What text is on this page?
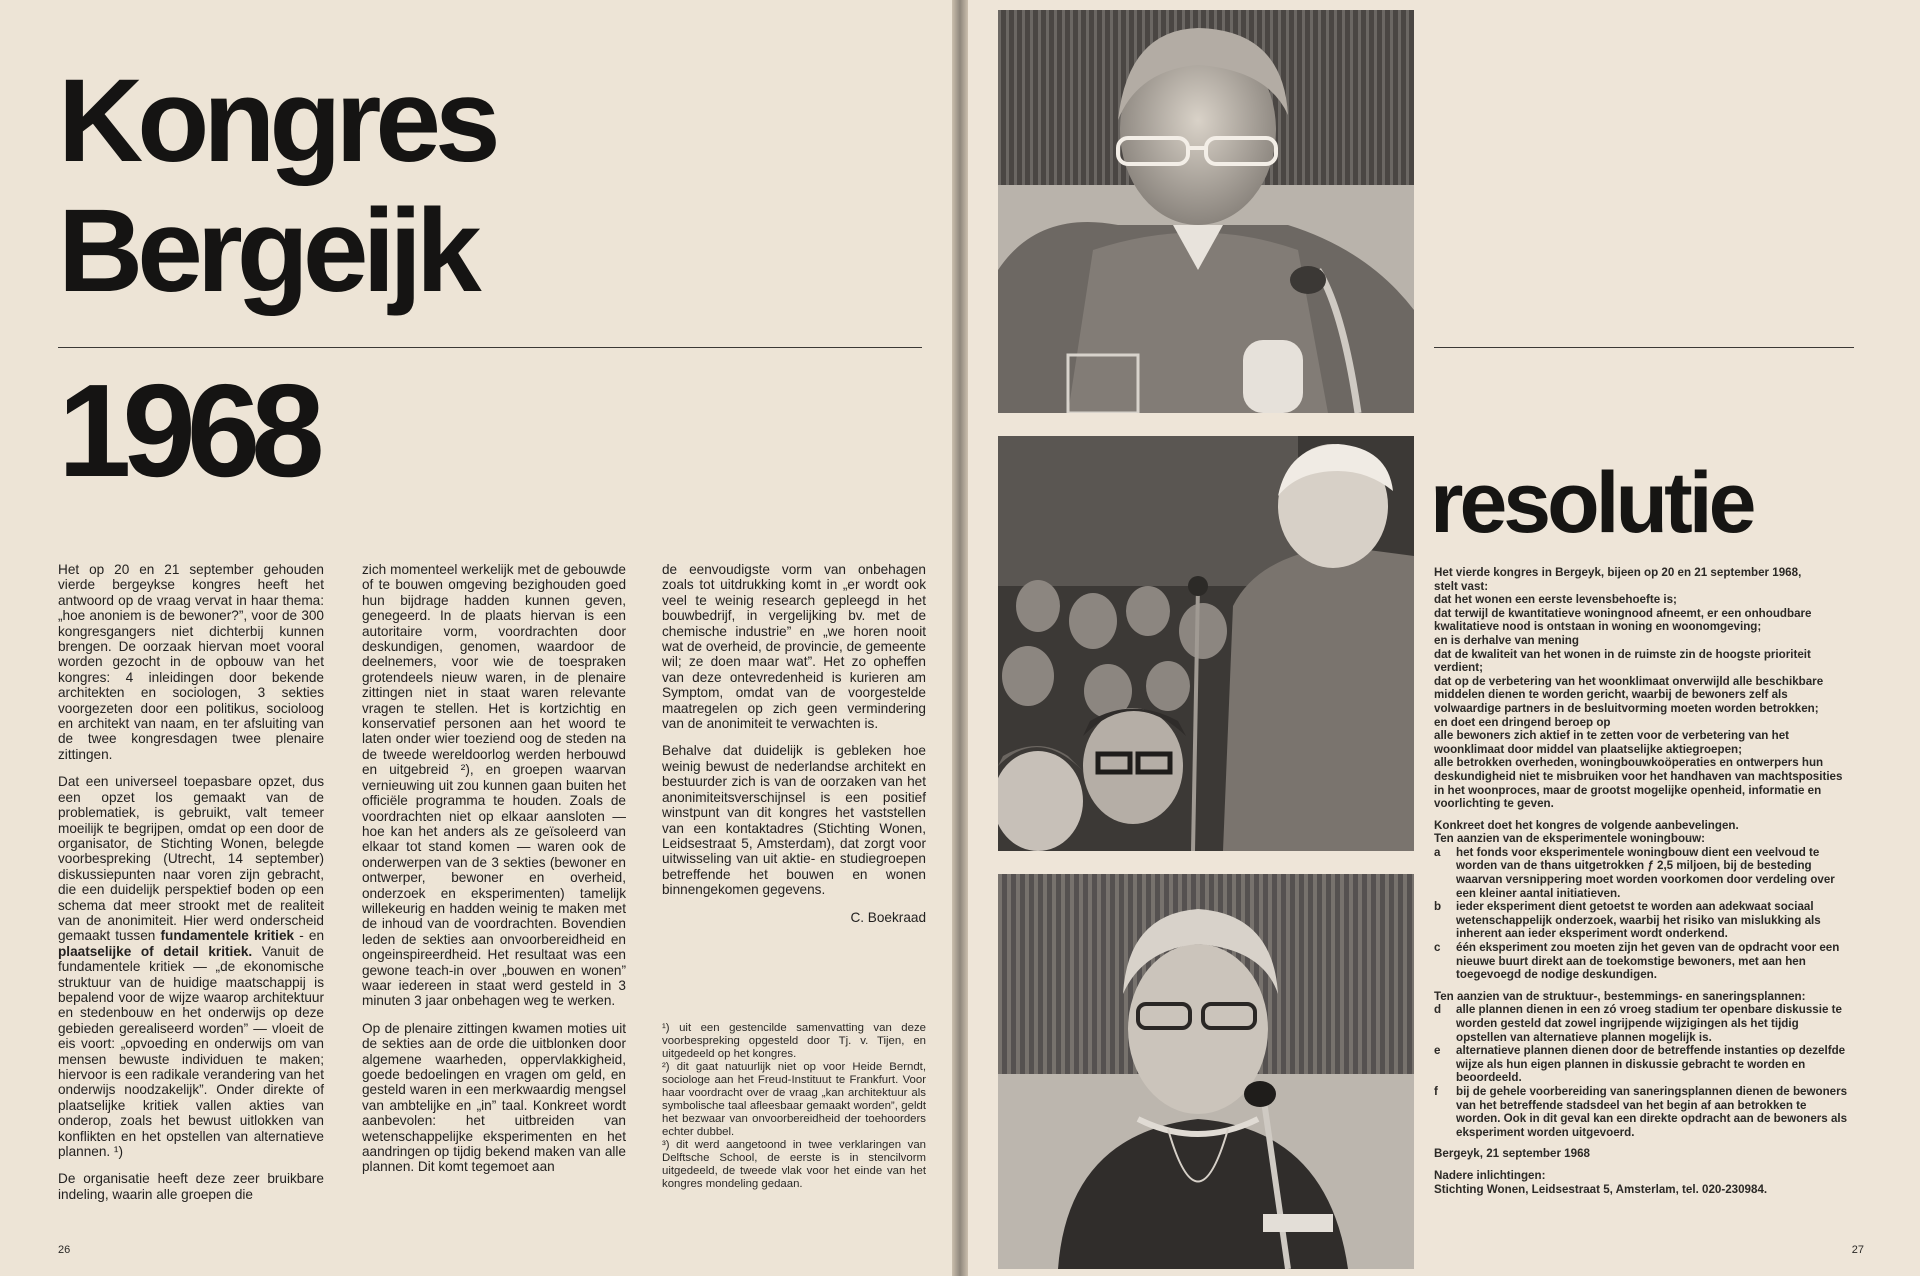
Kongres
Bergeijk
1968

Het op 20 en 21 september gehouden vierde bergeykse kongres heeft het antwoord op de vraag vervat in haar thema: „hoe anoniem is de bewoner?”, voor de 300 kongresgangers niet dichterbij kunnen brengen. De oorzaak hiervan moet vooral worden gezocht in de opbouw van het kongres: 4 inleidingen door bekende architekten en sociologen, 3 sekties voorgezeten door een politikus, socioloog en architekt van naam, en ter afsluiting van de twee kongresdagen twee plenaire zittingen.

Dat een universeel toepasbare opzet, dus een opzet los gemaakt van de problematiek, is gebruikt, valt temeer moeilijk te begrijpen, omdat op een door de organisator, de Stichting Wonen, belegde voorbespreking (Utrecht, 14 september) diskussiepunten naar voren zijn gebracht, die een duidelijk perspektief boden op een schema dat meer strookt met de realiteit van de anonimiteit. Hier werd onderscheid gemaakt tussen fundamentele kritiek - en plaatselijke of detail kritiek. Vanuit de fundamentele kritiek — „de ekonomische struktuur van de huidige maatschappij is bepalend voor de wijze waarop architektuur en stedenbouw en het onderwijs op deze gebieden gerealiseerd worden” — vloeit de eis voort: „opvoeding en onderwijs om van mensen bewuste individuen te maken; hiervoor is een radikale verandering van het onderwijs noodzakelijk”. Onder direkte of plaatselijke kritiek vallen akties van onderop, zoals het bewust uitlokken van konflikten en het opstellen van alternatieve plannen. ¹)

De organisatie heeft deze zeer bruikbare indeling, waarin alle groepen die

zich momenteel werkelijk met de gebouwde of te bouwen omgeving bezighouden goed hun bijdrage hadden kunnen geven, genegeerd. In de plaats hiervan is een autoritaire vorm, voordrachten door deskundigen, genomen, waardoor de deelnemers, voor wie de toespraken grotendeels nieuw waren, in de plenaire zittingen niet in staat waren relevante vragen te stellen. Het is kortzichtig en konservatief personen aan het woord te laten onder wier toeziend oog de steden na de tweede wereldoorlog werden herbouwd en uitgebreid ²), en groepen waarvan vernieuwing uit zou kunnen gaan buiten het officiële programma te houden. Zoals de voordrachten niet op elkaar aansloten — hoe kan het anders als ze geïsoleerd van elkaar tot stand komen — waren ook de onderwerpen van de 3 sekties (bewoner en ontwerper, bewoner en overheid, onderzoek en eksperimenten) tamelijk willekeurig en hadden weinig te maken met de inhoud van de voordrachten. Bovendien leden de sekties aan onvoorbereidheid en ongeinspireerdheid. Het resultaat was een gewone teach-in over „bouwen en wonen” waar iedereen in staat werd gesteld in 3 minuten 3 jaar onbehagen weg te werken.

Op de plenaire zittingen kwamen moties uit de sekties aan de orde die uitblonken door algemene waarheden, oppervlakkigheid, goede bedoelingen en vragen om geld, en gesteld waren in een merkwaardig mengsel van ambtelijke en „in” taal. Konkreet wordt aanbevolen: het uitbreiden van wetenschappelijke eksperimenten en het aandringen op tijdig bekend maken van alle plannen. Dit komt tegemoet aan

de eenvoudigste vorm van onbehagen zoals tot uitdrukking komt in „er wordt ook veel te weinig research gepleegd in het bouwbedrijf, in vergelijking bv. met de chemische industrie” en „we horen nooit wat de overheid, de provincie, de gemeente wil; ze doen maar wat”. Het zo opheffen van deze ontevredenheid is kurieren am Symptom, omdat van de voorgestelde maatregelen op zich geen vermindering van de anonimiteit te verwachten is.

Behalve dat duidelijk is gebleken hoe weinig bewust de nederlandse architekt en bestuurder zich is van de oorzaken van het anonimiteitsverschijnsel is een positief winstpunt van dit kongres het vaststellen van een kontaktadres (Stichting Wonen, Leidsestraat 5, Amsterdam), dat zorgt voor uitwisseling van uit aktie- en studiegroepen betreffende het bouwen en wonen binnengekomen gegevens.

C. Boekraad

¹) uit een gestencilde samenvatting van deze voorbespreking opgesteld door Tj. v. Tijen, en uitgedeeld op het kongres.

²) dit gaat natuurlijk niet op voor Heide Berndt, sociologe aan het Freud-Instituut te Frankfurt. Voor haar voordracht over de vraag „kan architektuur als symbolische taal afleesbaar gemaakt worden”, geldt het bezwaar van onvoorbereidheid der toehoorders echter dubbel.

³) dit werd aangetoond in twee verklaringen van Delftsche School, de eerste is in stencilvorm uitgedeeld, de tweede vlak voor het einde van het kongres mondeling gedaan.

26
resolutie

Het vierde kongres in Bergeyk, bijeen op 20 en 21 september 1968,

stelt vast:

dat het wonen een eerste levensbehoefte is;

dat terwijl de kwantitatieve woningnood afneemt, er een onhoudbare kwalitatieve nood is ontstaan in woning en woonomgeving;

en is derhalve van mening

dat de kwaliteit van het wonen in de ruimste zin de hoogste prioriteit verdient;

dat op de verbetering van het woonklimaat onverwijld alle beschikbare middelen dienen te worden gericht, waarbij de bewoners zelf als volwaardige partners in de besluitvorming moeten worden betrokken;

en doet een dringend beroep op

alle bewoners zich aktief in te zetten voor de verbetering van het woonklimaat door middel van plaatselijke aktiegroepen;

alle betrokken overheden, woningbouwkoöperaties en ontwerpers hun deskundigheid niet te misbruiken voor het handhaven van machtsposities in het woonproces, maar de grootst mogelijke openheid, informatie en voorlichting te geven.

Konkreet doet het kongres de volgende aanbevelingen.

Ten aanzien van de eksperimentele woningbouw:

a	het fonds voor eksperimentele woningbouw dient een veelvoud te worden van de thans uitgetrokken ƒ 2,5 miljoen, bij de besteding waarvan versnippering moet worden voorkomen door verdeling over een kleiner aantal initiatieven.
b	ieder eksperiment dient getoetst te worden aan adekwaat sociaal wetenschappelijk onderzoek, waarbij het risiko van mislukking als inherent aan ieder eksperiment wordt onderkend.
c	één eksperiment zou moeten zijn het geven van de opdracht voor een nieuwe buurt direkt aan de toekomstige bewoners, met aan hen toegevoegd de nodige deskundigen.

Ten aanzien van de struktuur-, bestemmings- en saneringsplannen:

d	alle plannen dienen in een zó vroeg stadium ter openbare diskussie te worden gesteld dat zowel ingrijpende wijzigingen als het tijdig opstellen van alternatieve plannen mogelijk is.
e	alternatieve plannen dienen door de betreffende instanties op dezelfde wijze als hun eigen plannen in diskussie gebracht te worden en beoordeeld.
f	bij de gehele voorbereiding van saneringsplannen dienen de bewoners van het betreffende stadsdeel van het begin af aan betrokken te worden. Ook in dit geval kan een direkte opdracht aan de bewoners als eksperiment worden uitgevoerd.

Bergeyk, 21 september 1968

Nadere inlichtingen:

Stichting Wonen, Leidsestraat 5, Amsterlam, tel. 020-230984.

27
